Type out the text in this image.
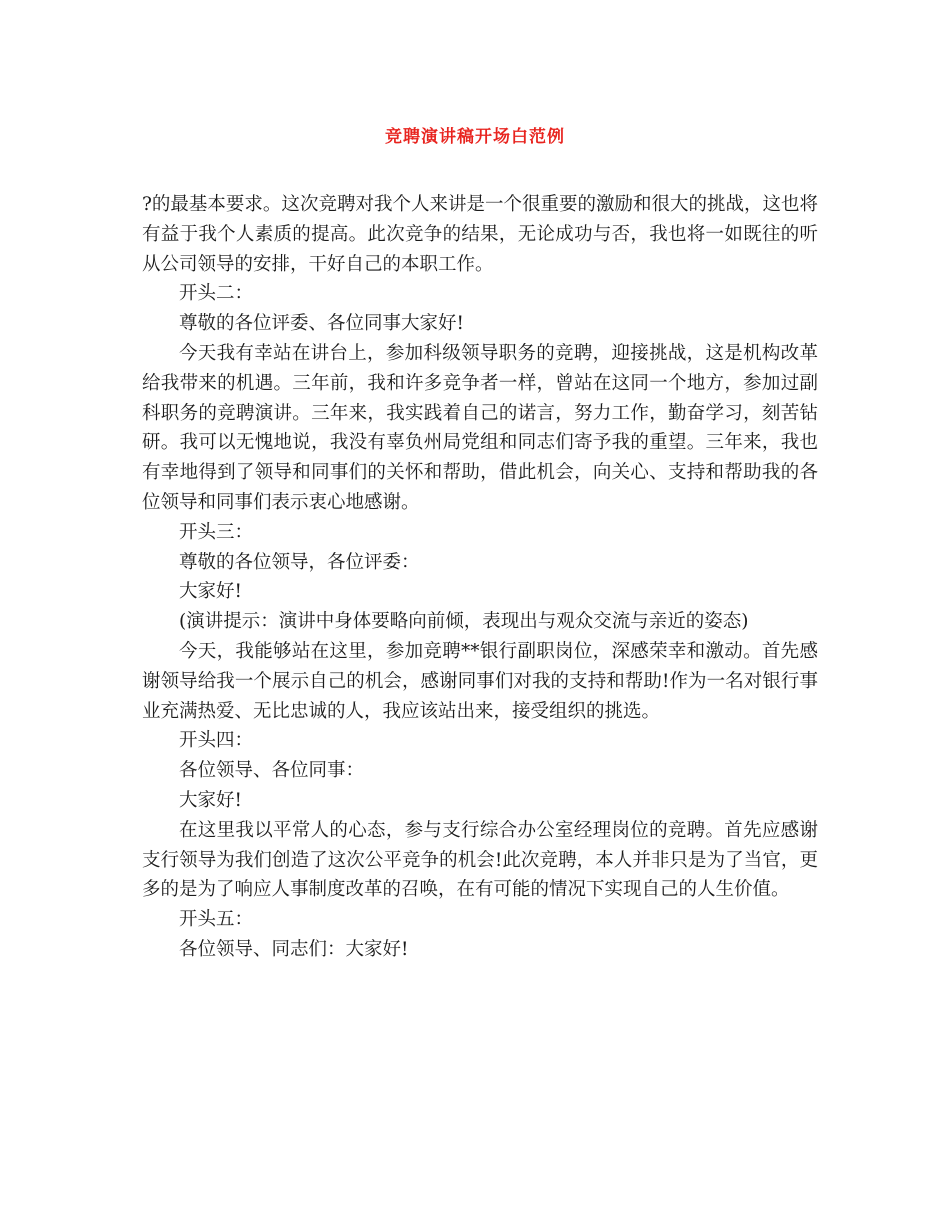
竞聘演讲稿开场白范例

?的最基本要求。这次竞聘对我个人来讲是一个很重要的激励和很大的挑战，这也将有益于我个人素质的提高。此次竞争的结果，无论成功与否，我也将一如既往的听从公司领导的安排，干好自己的本职工作。

开头二：

尊敬的各位评委、各位同事大家好!

今天我有幸站在讲台上，参加科级领导职务的竞聘，迎接挑战，这是机构改革给我带来的机遇。三年前，我和许多竞争者一样，曾站在这同一个地方，参加过副科职务的竞聘演讲。三年来，我实践着自己的诺言，努力工作，勤奋学习，刻苦钻研。我可以无愧地说，我没有辜负州局党组和同志们寄予我的重望。三年来，我也有幸地得到了领导和同事们的关怀和帮助，借此机会，向关心、支持和帮助我的各位领导和同事们表示衷心地感谢。

开头三：

尊敬的各位领导，各位评委：

大家好!

(演讲提示：演讲中身体要略向前倾，表现出与观众交流与亲近的姿态)

今天，我能够站在这里，参加竞聘**银行副职岗位，深感荣幸和激动。首先感谢领导给我一个展示自己的机会，感谢同事们对我的支持和帮助!作为一名对银行事业充满热爱、无比忠诚的人，我应该站出来，接受组织的挑选。

开头四：

各位领导、各位同事：

大家好!

在这里我以平常人的心态，参与支行综合办公室经理岗位的竞聘。首先应感谢支行领导为我们创造了这次公平竞争的机会!此次竞聘，本人并非只是为了当官，更多的是为了响应人事制度改革的召唤，在有可能的情况下实现自己的人生价值。

开头五：

各位领导、同志们：大家好!
